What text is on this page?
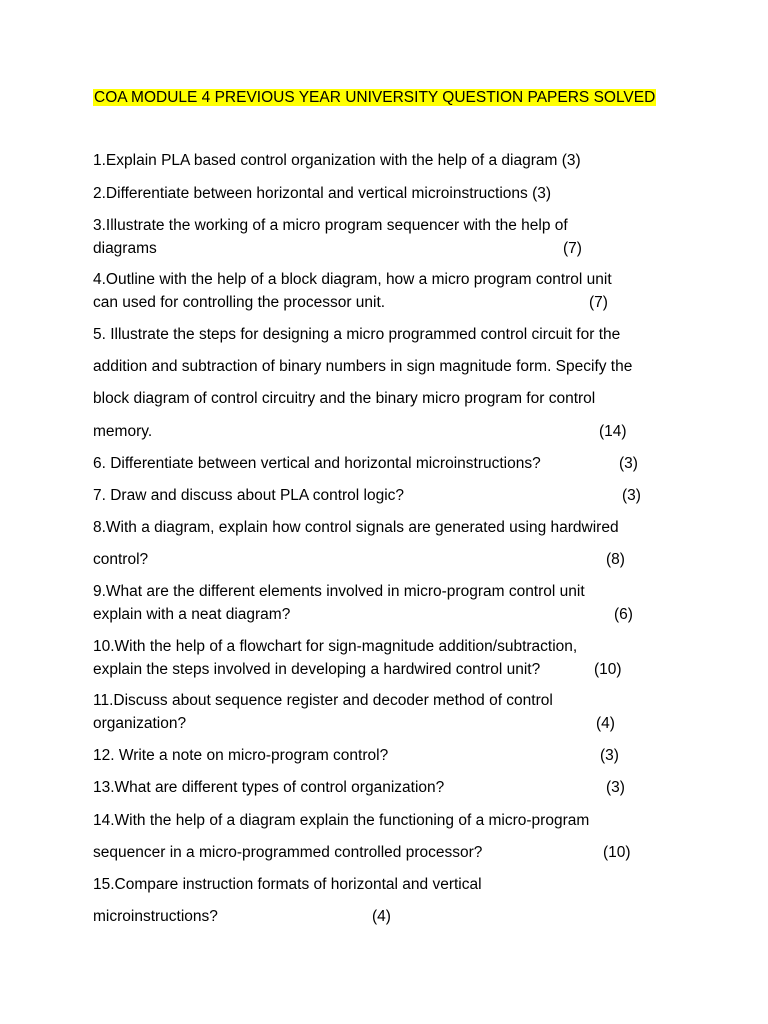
COA MODULE 4 PREVIOUS YEAR UNIVERSITY QUESTION PAPERS SOLVED
1.Explain PLA based control organization with the help of a diagram (3)
2.Differentiate between horizontal and vertical microinstructions (3)
3.Illustrate the working of a micro program sequencer with the help of
diagrams	(7)
4.Outline with the help of a block diagram, how a micro program control unit
can used for controlling the processor unit.	(7)
5. Illustrate the steps for designing a micro programmed control circuit for the
addition and subtraction of binary numbers in sign magnitude form. Specify the
block diagram of control circuitry and the binary micro program for control
memory.	(14)
6. Differentiate between vertical and horizontal microinstructions?	(3)
7. Draw and discuss about PLA control logic?	(3)
8.With a diagram, explain how control signals are generated using hardwired
control?	(8)
9.What are the different elements involved in micro-program control unit
explain with a neat diagram?	(6)
10.With the help of a flowchart for sign-magnitude addition/subtraction,
explain the steps involved in developing a hardwired control unit?	(10)
11.Discuss about sequence register and decoder method of control
organization?	(4)
12. Write a note on micro-program control?	(3)
13.What are different types of control organization?	(3)
14.With the help of a diagram explain the functioning of a micro-program
sequencer in a micro-programmed controlled processor?	(10)
15.Compare instruction formats of horizontal and vertical
microinstructions?	(4)
